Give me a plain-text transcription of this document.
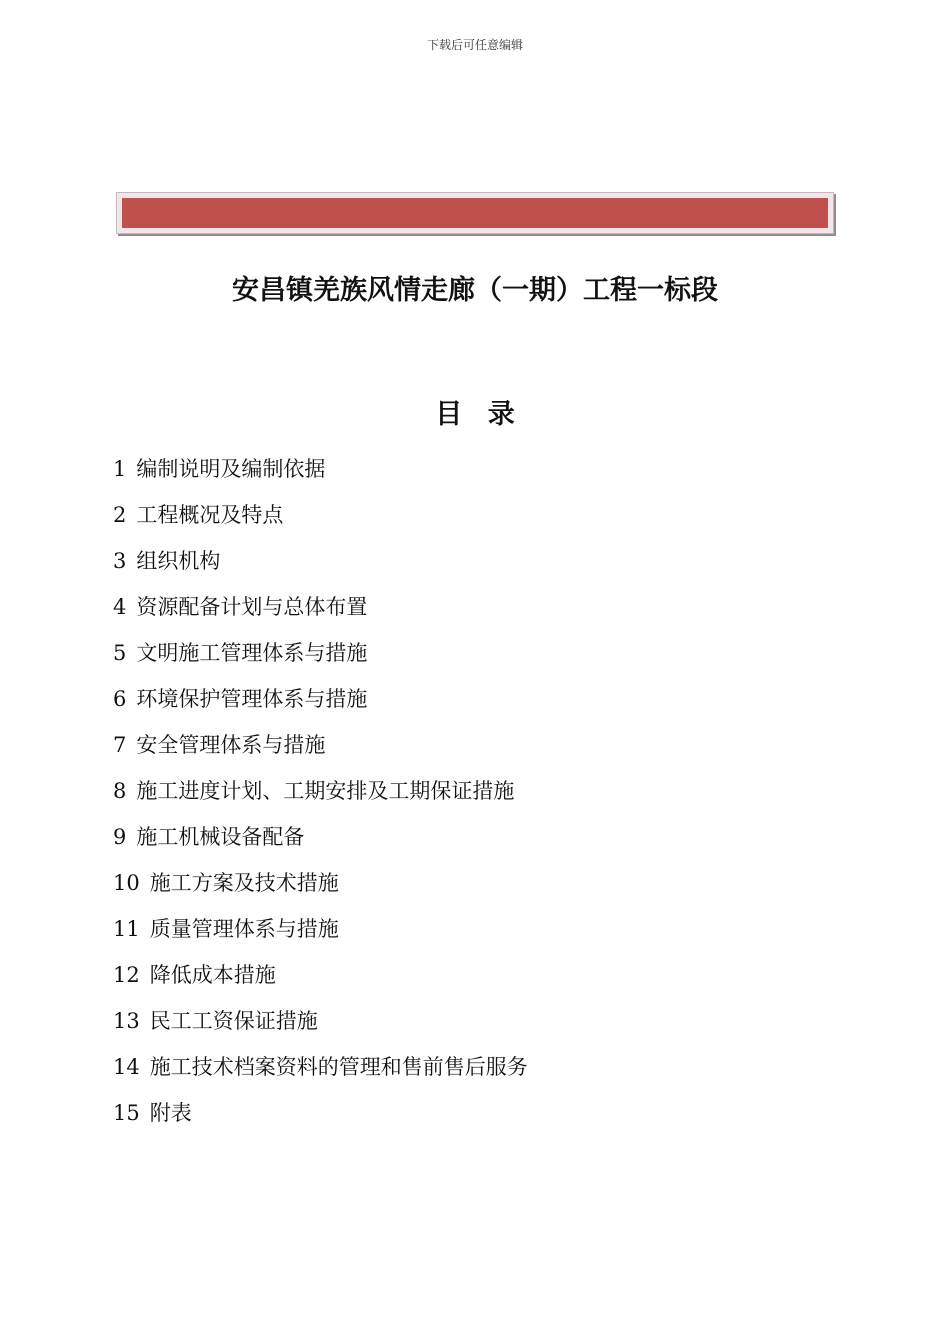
下载后可任意编辑
安昌镇羌族风情走廊（一期）工程一标段
目 录
1 编制说明及编制依据
2 工程概况及特点
3 组织机构
4 资源配备计划与总体布置
5 文明施工管理体系与措施
6 环境保护管理体系与措施
7 安全管理体系与措施
8 施工进度计划、工期安排及工期保证措施
9 施工机械设备配备
10 施工方案及技术措施
11 质量管理体系与措施
12 降低成本措施
13 民工工资保证措施
14 施工技术档案资料的管理和售前售后服务
15 附表
